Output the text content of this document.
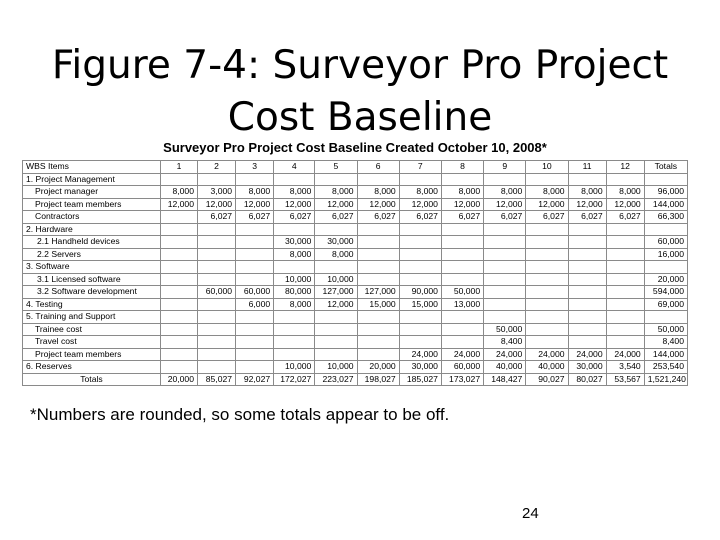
Figure 7-4: Surveyor Pro Project
Cost Baseline
Surveyor Pro Project Cost Baseline Created October 10, 2008*
WBS Items	1	2	3	4	5	6	7	8	9	10	11	12	Totals
1. Project Management													
Project manager	8,000	3,000	8,000	8,000	8,000	8,000	8,000	8,000	8,000	8,000	8,000	8,000	96,000
Project team members	12,000	12,000	12,000	12,000	12,000	12,000	12,000	12,000	12,000	12,000	12,000	12,000	144,000
Contractors		6,027	6,027	6,027	6,027	6,027	6,027	6,027	6,027	6,027	6,027	6,027	66,300
2. Hardware													
2.1 Handheld devices				30,000	30,000								60,000
2.2 Servers				8,000	8,000								16,000
3. Software													
3.1 Licensed software				10,000	10,000								20,000
3.2 Software development		60,000	60,000	80,000	127,000	127,000	90,000	50,000					594,000
4. Testing			6,000	8,000	12,000	15,000	15,000	13,000					69,000
5. Training and Support													
Trainee cost									50,000				50,000
Travel cost									8,400				8,400
Project team members							24,000	24,000	24,000	24,000	24,000	24,000	144,000
6. Reserves				10,000	10,000	20,000	30,000	60,000	40,000	40,000	30,000	3,540	253,540
Totals	20,000	85,027	92,027	172,027	223,027	198,027	185,027	173,027	148,427	90,027	80,027	53,567	1,521,240
*Numbers are rounded, so some totals appear to be off.
24
